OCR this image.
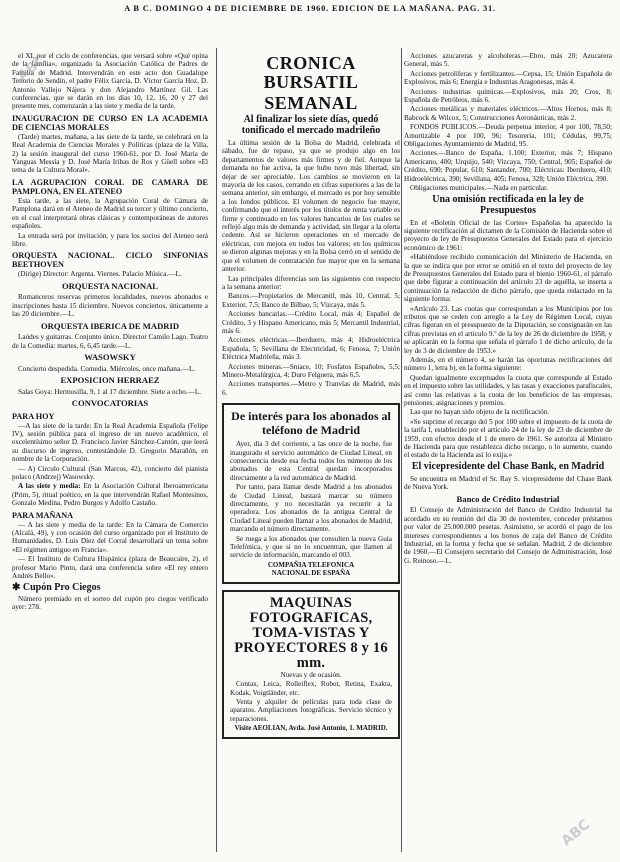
A B C. DOMINGO 4 DE DICIEMBRE DE 1960. EDICION DE LA MAÑANA. PAG. 31.

el XI, por el ciclo de conferencias, que versará sobre «Qué opina de la familia», organizado la Asociación Católica de Padres de Familia de Madrid. Intervendrán en este acto don Guadalupe Tenorio de Sendín, el padre Félix García, D. Víctor García Hoz, D. Antonio Vallejo Nájera y don Alejandro Martínez Gil. Las conferencias, que se darán en los días 10, 12, 16, 20 y 27 del presente mes, comenzarán a las siete y media de la tarde.

INAUGURACION DE CURSO EN LA ACADEMIA DE CIENCIAS MORALES

(Tarde) martes, mañana, a las siete de la tarde, se celebrará en la Real Academia de Ciencias Morales y Políticas (plaza de la Villa, 2) la sesión inaugural del curso 1960-61, por D. José María de Yanguas Messía y D. José María Iribas de Ros y Güell sobre «El tema de la Cultura Moral».

LA AGRUPACION CORAL DE CAMARA DE PAMPLONA, EN EL ATENEO

Esta tarde, a las siete, la Agrupación Coral de Cámara de Pamplona dará en el Ateneo de Madrid su tercer y último concierto, en el cual interpretará obras clásicas y contemporáneas de autores españoles.

La entrada será por invitación, y para los socios del Ateneo será libre.

ORQUESTA NACIONAL. CICLO SINFONIAS BEETHOVEN

(Dirige) Director: Argenta. Viernes. Palacio Música.—L.

ORQUESTA NACIONAL

Romanceros reservas primeros localidades, nuevos abonados e inscripciones hasta 15 diciembre. Nuevos conciertos, únicamente a las 20 diciembre.—L.

ORQUESTA IBERICA DE MADRID

Laúdes y guitarras. Conjunto único. Director Camilo Lago. Teatro de la Comedia: martes, 6, 6,45 tarde.—L.

WASOWSKY

Concierto despedida. Comedia. Miércoles, once mañana.—L.

EXPOSICION HERRAEZ

Salas Goya: Hermosilla, 9, 1 al 17 diciembre. Siete a ocho.—L.

CONVOCATORIAS
PARA HOY

—A las siete de la tarde: En la Real Academia Española (Felipe IV), sesión pública para el ingreso de un nuevo académico, el excelentísimo señor D. Francisco Javier Sánchez-Cantón, que leerá su discurso de ingreso, contestándole D. Gregorio Marañón, en nombre de la Corporación.

— A) Circulo Cultural (San Marcos, 42), concierto del pianista polaco (Andrzej) Wasowsky.

A las siete y media: En la Asociación Cultural Iberoamericana (Prim, 5), ritual poético, en la que intervendrán Rafael Montesinos, Gonzalo Medina, Pedro Burgos y Adolfo Castaño.

PARA MAÑANA

— A las siete y media de la tarde: En la Cámara de Comercio (Alcalá, 49), y con ocasión del curso organizado por el Instituto de Humanidades, D. Luis Díez del Corral desarrollará un tema sobre «El régimen antiguo en Francia».

— El Instituto de Cultura Hispánica (plaza de Beaucaire, 2), el profesor Mario Pinto, dará una conferencia sobre «El rey entero Andrés Bello».

✱ Cupón Pro Ciegos

Número premiado en el sorteo del cupón pro ciegos verificado ayer: 278.

CRONICA BURSATIL
SEMANAL
Al finalizar los siete días, quedó tonificado el mercado madrileño

La última sesión de la Bolsa de Madrid, celebrada el sábado, fue de repaso, ya que se produjo algo en los departamentos de valores más firmes y de fiel. Aunque la demanda no fue activa, la que hubo tuvo más libertad, sin dejar de ser apreciable. Los cambios se movieron en la mayoría de los casos, cerrando en cifras superiores a las de la semana anterior, sin embargo, el mercado es por hoy sensible a los fondos públicos. El volumen de negocio fue mayor, confirmando que el interés por los títulos de renta variable es firme y continuado en los valores bancarios de los cuales se reflejó algo más de demanda y actividad, sin llegar a la oferta cedente. Así se hicieron operaciones en el mercado de eléctricas, con mejora en todos los valores; en los químicos se dieron algunas mejoras y en la Bolsa cerró en el sentido de que el volumen de contratación fue mayor que en la semana anterior.

Las principales diferencias son las siguientes con respecto a la semana anterior:

Bancos.—Propietarios de Mercantil, más 10, Central, 5; Exterior, 7,5; Banco de Bilbao, 5; Vizcaya, más 5.

Acciones bancarias.—Crédito Local, más 4; Español de Crédito, 3 y Hispano Americano, más 5; Mercantil Industrial, más 6.

Acciones eléctricas.—Iberduero, más 4; Hidroeléctrica Española, 5; Sevillana de Electricidad, 6; Fenosa, 7; Unión Eléctrica Madrileña, más 3.

Acciones mineras.—Sniace, 10; Fosfatos Españoles, 5,5; Minero-Metalúrgica, 4; Duro Felguera, más 6,5.

Acciones transportes.—Metro y Tranvías de Madrid, más 6.

De interés para los abonados al teléfono de Madrid

Ayer, día 3 del corriente, a las once de la noche, fue inaugurado el servicio automático de Ciudad Lineal, en consecuencia desde esa fecha todos los números de los abonados de esta Central quedan incorporados directamente a la red automática de Madrid.

Por tanto, para llamar desde Madrid a los abonados de Ciudad Lineal, bastará marcar su número directamente, y no necesitarán ya recurrir a la operadora. Los abonados de la antigua Central de Ciudad Lineal pueden llamar a los abonados de Madrid, marcando el número directamente.

Se ruega a los abonados que consulten la nueva Guía Telefónica, y que si no lo encuentran, que llamen al servicio de información, marcando el 003.

COMPAÑIA TELEFONICA
NACIONAL DE ESPAÑA
MAQUINAS FOTOGRAFICAS,
TOMA-VISTAS Y PROYECTORES 8 y 16 mm.

Nuevas y de ocasión.

Contax, Leica, Rolleiflex, Robot, Retina, Exakta, Kodak, Voigtländer, etc.

Venta y alquiler de películas para toda clase de aparatos. Ampliaciones fotográficas. Servicio técnico y reparaciones.

Visite AEOLIAN, Avda. José Antonio, 1. MADRID.

Acciones azucareras y alcoholeras.—Ebro, más 20; Azucarera General, más 5.

Acciones petrolíferas y fertilizantes.—Cepsa, 15; Unión Española de Explosivos, más 6; Energía e Industrias Aragonesas, más 4.

Acciones industrias químicas.—Explosivos, más 20; Cros, 8; Española de Petróleos, más 6.

Acciones metálicas y materiales eléctricos.—Altos Hornos, más 8; Babcock & Wilcox, 5; Construcciones Aeronáuticas, más 2.

FONDOS PUBLICOS.—Deuda perpetua interior, 4 por 100, 78,50; Amortizable 4 por 100, 96; Tesorería, 101; Cédulas, 99,75; Obligaciones Ayuntamiento de Madrid, 95.

Acciones.—Banco de España, 1.100; Exterior, más 7; Hispano Americano, 400; Urquijo, 540; Vizcaya, 750; Central, 905; Español de Crédito, 690; Popular, 610; Santander, 700; Eléctricas: Iberduero, 410; Hidroeléctrica, 390; Sevillana, 405; Fenosa, 328; Unión Eléctrica, 390.

Obligaciones municipales.—Nada en particular.

Una omisión rectificada en la ley de Presupuestos

En el «Boletín Oficial de las Cortes» Españolas ha aparecido la siguiente rectificación al dictamen de la Comisión de Hacienda sobre el proyecto de ley de Presupuestos Generales del Estado para el ejercicio económico de 1961:

«Habiéndose recibido comunicación del Ministerio de Hacienda, en la que se indica que por error se omitió en el texto del proyecto de ley de Presupuestos Generales del Estado para el bienio 1960-61, el párrafo que debe figurar a continuación del artículo 23 de aquélla, se inserta a continuación la redacción de dicho párrafo, que queda redactado en la siguiente forma:

»Artículo 23. Las cuotas que correspondan a los Municipios por los tributos que se ceden con arreglo a la Ley de Régimen Local, cuyas cifras figuran en el presupuesto de la Diputación, se consignarán en las cifras previstas en el artículo 9.º de la ley de 26 de diciembre de 1958, y se aplicarán en la forma que señala el párrafo 1 de dicho artículo, de la ley de 3 de diciembre de 1953.»

Además, en el número 4, se harán las oportunas rectificaciones del número 1, letra b), en la forma siguiente:

Quedan igualmente exceptuados la cuota que corresponde al Estado en el impuesto sobre las utilidades, y las tasas y exacciones parafiscales, así como las relativas a la cuota de los beneficios de las empresas, pensiones, asignaciones y premios.

Las que no hayan sido objeto de la rectificación.

»Se suprime el recargo del 5 por 100 sobre el impuesto de la cuota de la tarifa I, establecido por el artículo 24 de la ley de 23 de diciembre de 1959, con efectos desde el 1 de enero de 1961. Se autoriza al Ministro de Hacienda para que restablezca dicho recargo, o lo aumente, cuando el estado de la Hacienda así lo exija.»

El vicepresidente del Chase Bank, en Madrid

Se encuentra en Madrid el Sr. Ray S. vicepresidente del Chase Bank de Nueva York.

Banco de Crédito Industrial

El Consejo de Administración del Banco de Crédito Industrial ha acordado en su reunión del día 30 de noviembre, conceder préstamos por valor de 25.000.000 pesetas. Asimismo, se acordó el pago de los intereses correspondientes a los bonos de caja del Banco de Crédito Industrial, en la forma y fecha que se señalan. Madrid, 2 de diciembre de 1960.—El Consejero secretario del Consejo de Administración, José G. Reinoso.—L.

ABC
ABC
